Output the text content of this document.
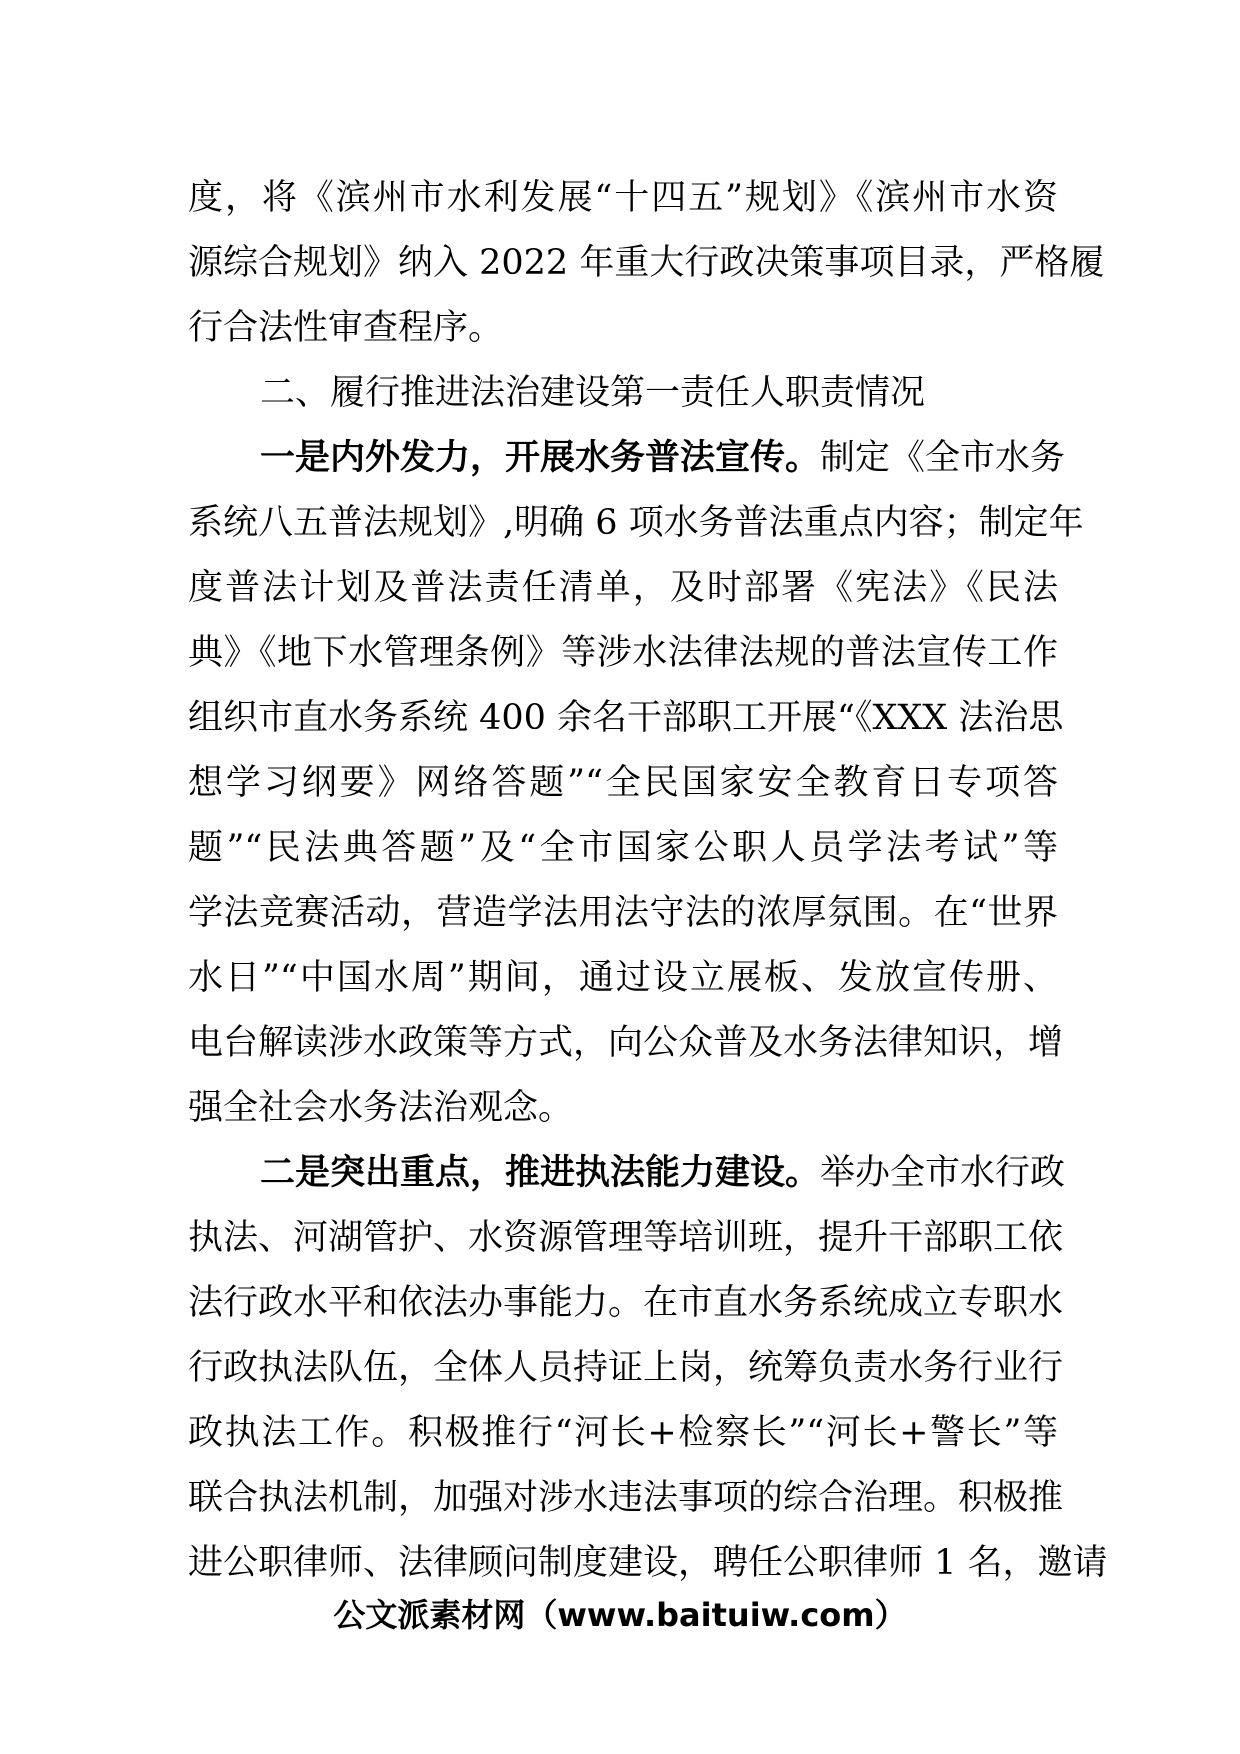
度，将《滨州市水利发展“十四五”规划》《滨州市水资
源综合规划》纳入 2022 年重大行政决策事项目录，严格履
行合法性审查程序。
二、履行推进法治建设第一责任人职责情况
一是内外发力，开展水务普法宣传。制定《全市水务
系统八五普法规划》,明确 6 项水务普法重点内容；制定年
度普法计划及普法责任清单，及时部署《宪法》《民法
典》《地下水管理条例》等涉水法律法规的普法宣传工作
组织市直水务系统 400 余名干部职工开展“《XXX 法治思
想学习纲要》网络答题”“全民国家安全教育日专项答
题”“民法典答题”及“全市国家公职人员学法考试”等
学法竞赛活动，营造学法用法守法的浓厚氛围。在“世界
水日”“中国水周”期间，通过设立展板、发放宣传册、
电台解读涉水政策等方式，向公众普及水务法律知识，增
强全社会水务法治观念。
二是突出重点，推进执法能力建设。举办全市水行政
执法、河湖管护、水资源管理等培训班，提升干部职工依
法行政水平和依法办事能力。在市直水务系统成立专职水
行政执法队伍，全体人员持证上岗，统筹负责水务行业行
政执法工作。积极推行“河长+检察长”“河长+警长”等
联合执法机制，加强对涉水违法事项的综合治理。积极推
进公职律师、法律顾问制度建设，聘任公职律师 1 名，邀请
公文派素材网（www.baituiw.com）
